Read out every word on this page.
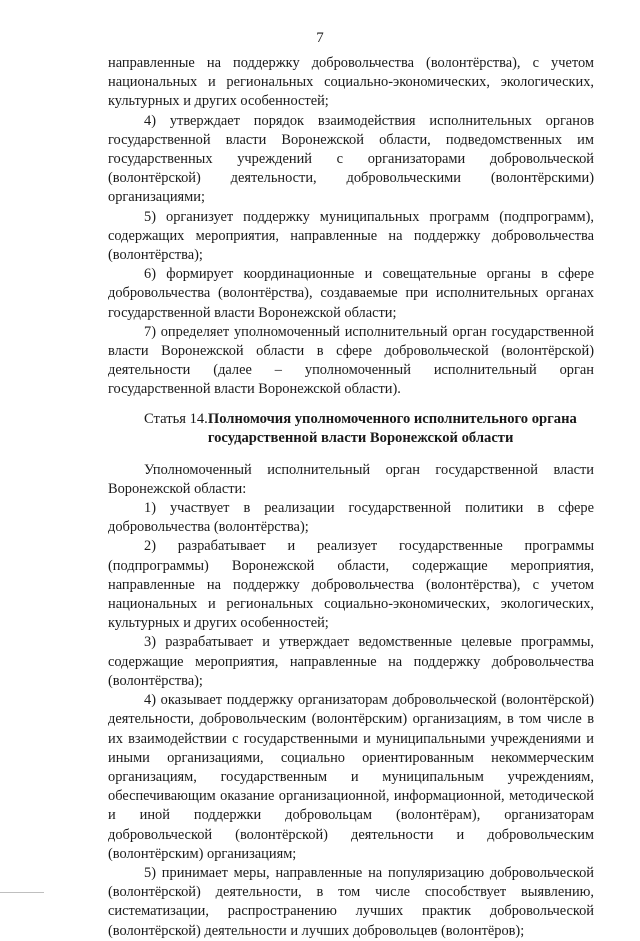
7

направленные на поддержку добровольчества (волонтёрства), с учетом национальных и региональных социально-экономических, экологических, культурных и других особенностей;

4) утверждает порядок взаимодействия исполнительных органов государственной власти Воронежской области, подведомственных им государственных учреждений с организаторами добровольческой (волонтёрской) деятельности, добровольческими (волонтёрскими) организациями;

5) организует поддержку муниципальных программ (подпрограмм), содержащих мероприятия, направленные на поддержку добровольчества (волонтёрства);

6) формирует координационные и совещательные органы в сфере добровольчества (волонтёрства), создаваемые при исполнительных органах государственной власти Воронежской области;

7) определяет уполномоченный исполнительный орган государственной власти Воронежской области в сфере добровольческой (волонтёрской) деятельности (далее – уполномоченный исполнительный орган государственной власти Воронежской области).

Статья 14. Полномочия уполномоченного исполнительного органа государственной власти Воронежской области

Уполномоченный исполнительный орган государственной власти Воронежской области:

1) участвует в реализации государственной политики в сфере добровольчества (волонтёрства);

2) разрабатывает и реализует государственные программы (подпрограммы) Воронежской области, содержащие мероприятия, направленные на поддержку добровольчества (волонтёрства), с учетом национальных и региональных социально-экономических, экологических, культурных и других особенностей;

3) разрабатывает и утверждает ведомственные целевые программы, содержащие мероприятия, направленные на поддержку добровольчества (волонтёрства);

4) оказывает поддержку организаторам добровольческой (волонтёрской) деятельности, добровольческим (волонтёрским) организациям, в том числе в их взаимодействии с государственными и муниципальными учреждениями и иными организациями, социально ориентированным некоммерческим организациям, государственным и муниципальным учреждениям, обеспечивающим оказание организационной, информационной, методической и иной поддержки добровольцам (волонтёрам), организаторам добровольческой (волонтёрской) деятельности и добровольческим (волонтёрским) организациям;

5) принимает меры, направленные на популяризацию добровольческой (волонтёрской) деятельности, в том числе способствует выявлению, систематизации, распространению лучших практик добровольческой (волонтёрской) деятельности и лучших добровольцев (волонтёров);
